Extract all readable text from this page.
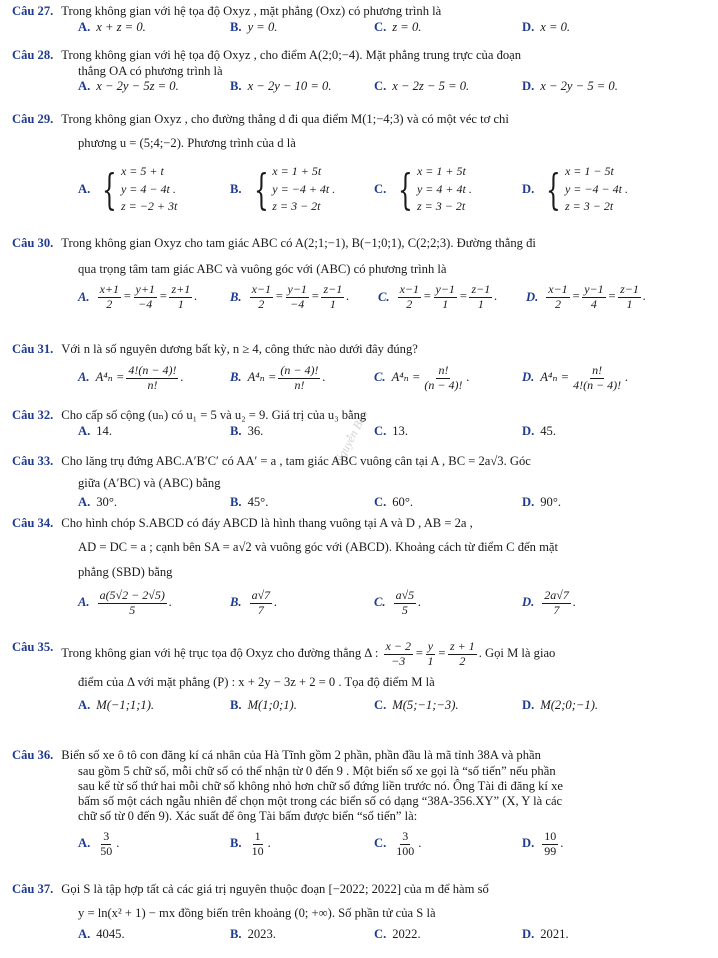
Nguyễn Bảo
Câu 27. Trong không gian với hệ tọa độ Oxyz , mặt phẳng (Oxz) có phương trình là
A. x + z = 0.	B. y = 0.	C. z = 0.	D. x = 0.
Câu 28. Trong không gian với hệ tọa độ Oxyz , cho điểm A(2;0;−4). Mặt phẳng trung trực của đoạn
thẳng OA có phương trình là
A. x − 2y − 5z = 0.	B. x − 2y − 10 = 0.	C. x − 2z − 5 = 0.	D. x − 2y − 5 = 0.
Câu 29. Trong không gian Oxyz , cho đường thẳng d đi qua điểm M(1;−4;3) và có một véc tơ chỉ
phương u = (5;4;−2). Phương trình của d là
A. { x = 5 + t
y = 4 − 4t .
z = −2 + 3t
B. { x = 1 + 5t
y = −4 + 4t .
z = 3 − 2t
C. { x = 1 + 5t
y = 4 + 4t .
z = 3 − 2t
D. { x = 1 − 5t
y = −4 − 4t .
z = 3 − 2t
Câu 30. Trong không gian Oxyz cho tam giác ABC có A(2;1;−1), B(−1;0;1), C(2;2;3). Đường thẳng đi
qua trọng tâm tam giác ABC và vuông góc với (ABC) có phương trình là
A. $\frac{x+1}{2} = \frac{y+1}{-4} = \frac{z+1}{1}$ .	B. $\frac{x-1}{2} = \frac{y-1}{-4} = \frac{z-1}{1}$ . C. $\frac{x-1}{2} = \frac{y-1}{1} = \frac{z-1}{1}$ . D. $\frac{x-1}{2} = \frac{y-1}{4} = \frac{z-1}{1}$ .
Câu 31. Với n là số nguyên dương bất kỳ, n ≥ 4, công thức nào dưới đây đúng?
A. $A^4_n = \frac{4!(n - 4)!}{n!}$ .	B. $A^4_n = \frac{(n - 4)!}{n!}$ .	C. $A^4_n = \frac{n!}{(n - 4)!}$ .	D. $A^4_n = \frac{n!}{4!(n - 4)!}$ .
Câu 32. Cho cấp số cộng (uₙ) có u₁ = 5 và u₂ = 9. Giá trị của u₃ bằng
A. 14.	B. 36.	C. 13.	D. 45.
Câu 33. Cho lăng trụ đứng ABC.A′B′C′ có AA′ = a , tam giác ABC vuông cân tại A , BC = 2a√3. Góc
giữa (A′BC) và (ABC) bằng
A. 30°.	B. 45°.	C. 60°.	D. 90°.
Câu 34. Cho hình chóp S.ABCD có đáy ABCD là hình thang vuông tại A và D , AB = 2a ,
AD = DC = a ; cạnh bên SA = a√2 và vuông góc với (ABCD). Khoảng cách từ điểm C đến mặt
phẳng (SBD) bằng
A. $\frac{a(5√2 - 2√5)}{5}$ .	B. $\frac{a√7}{7}$ .	C. $\frac{a√5}{5}$ .	D. $\frac{2a√7}{7}$ .
Câu 35. Trong không gian với hệ trục tọa độ Oxyz cho đường thẳng Δ : $\frac{x - 2}{-3} = \frac{y}{1} = \frac{z + 1}{2}$ . Gọi M là giao
điểm của Δ với mặt phẳng (P) : x + 2y − 3z + 2 = 0 . Tọa độ điểm M là
A. M(−1;1;1).	B. M(1;0;1).	C. M(5;−1;−3).	D. M(2;0;−1).
Câu 36. Biển số xe ô tô con đăng kí cá nhân của Hà Tĩnh gồm 2 phần, phần đầu là mã tỉnh 38A và phần
sau gồm 5 chữ số, mỗi chữ số có thể nhận từ 0 đến 9 . Một biển số xe gọi là “số tiến” nếu phần
sau kể từ số thứ hai mỗi chữ số không nhỏ hơn chữ số đứng liền trước nó. Ông Tài đi đăng kí xe
bấm số một cách ngẫu nhiên để chọn một trong các biển số có dạng “38A-356.XY” (X, Y là các
chữ số từ 0 đến 9). Xác suất để ông Tài bấm được biển “số tiến” là:
A. $\frac{3}{50}$ .	B. $\frac{1}{10}$ .	C. $\frac{3}{100}$ .	D. $\frac{10}{99}$ .
Câu 37. Gọi S là tập hợp tất cả các giá trị nguyên thuộc đoạn [−2022; 2022] của m để hàm số
y = ln(x² + 1) − mx đồng biến trên khoảng (0; +∞). Số phần tử của S là
A. 4045.	B. 2023.	C. 2022.	D. 2021.
